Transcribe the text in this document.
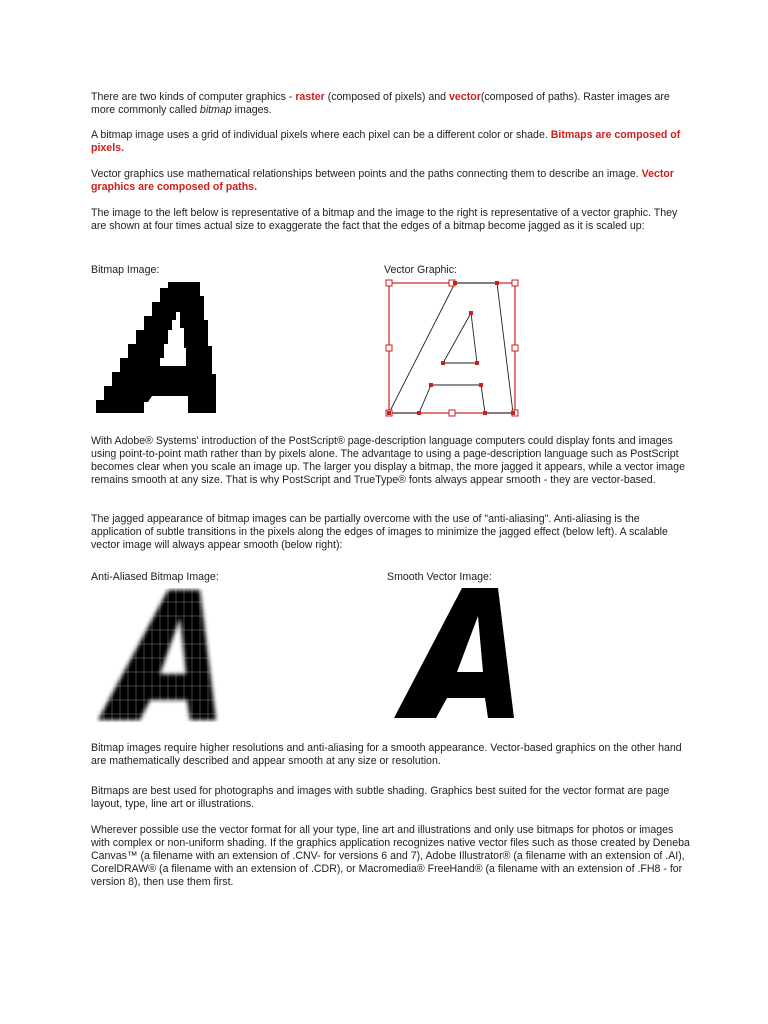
There are two kinds of computer graphics - raster (composed of pixels) and vector(composed of paths). Raster images are more commonly called bitmap images.

A bitmap image uses a grid of individual pixels where each pixel can be a different color or shade. Bitmaps are composed of pixels.

Vector graphics use mathematical relationships between points and the paths connecting them to describe an image. Vector graphics are composed of paths.

The image to the left below is representative of a bitmap and the image to the right is representative of a vector graphic. They are shown at four times actual size to exaggerate the fact that the edges of a bitmap become jagged as it is scaled up:

Bitmap Image:	Vector Graphic:

With Adobe® Systems' introduction of the PostScript® page-description language computers could display fonts and images using point-to-point math rather than by pixels alone. The advantage to using a page-description language such as PostScript becomes clear when you scale an image up. The larger you display a bitmap, the more jagged it appears, while a vector image remains smooth at any size. That is why PostScript and TrueType® fonts always appear smooth - they are vector-based.

The jagged appearance of bitmap images can be partially overcome with the use of "anti-aliasing". Anti-aliasing is the application of subtle transitions in the pixels along the edges of images to minimize the jagged effect (below left). A scalable vector image will always appear smooth (below right):

Anti-Aliased Bitmap Image:	Smooth Vector Image:

Bitmap images require higher resolutions and anti-aliasing for a smooth appearance. Vector-based graphics on the other hand are mathematically described and appear smooth at any size or resolution.

Bitmaps are best used for photographs and images with subtle shading. Graphics best suited for the vector format are page layout, type, line art or illustrations.

Wherever possible use the vector format for all your type, line art and illustrations and only use bitmaps for photos or images with complex or non-uniform shading. If the graphics application recognizes native vector files such as those created by Deneba Canvas™ (a filename with an extension of .CNV- for versions 6 and 7), Adobe Illustrator® (a filename with an extension of .AI), CorelDRAW® (a filename with an extension of .CDR), or Macromedia® FreeHand® (a filename with an extension of .FH8 - for version 8), then use them first.
